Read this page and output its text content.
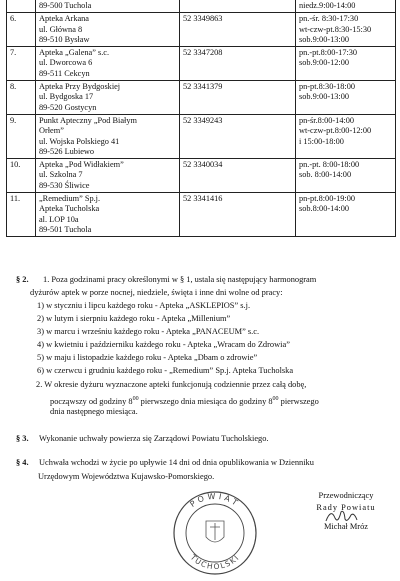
	89-500 Tuchola		niedz.9:00-14:00

6.	Apteka Arkana
ul. Główna 8
89-510 Bysław	52 3349863	pn.-śr. 8:30-17:30
wt-czw-pt.8:30-15:30
sob.9:00-13:00

7.	Apteka „Galena” s.c.
ul. Dworcowa 6
89-511 Cekcyn	52 3347208	pn.-pt.8:00-17:30
sob.9:00-12:00

8.	Apteka Przy Bydgoskiej
ul. Bydgoska 17
89-520 Gostycyn	52 3341379	pn-pt.8:30-18:00
sob.9:00-13:00

9.	Punkt Apteczny „Pod Białym
Orłem”
ul. Wojska Polskiego 41
89-526 Lubiewo	52 3349243	pn-śr.8:00-14:00
wt-czw-pt.8:00-12:00
i 15:00-18:00

10.	Apteka „Pod Widłakiem”
ul. Szkolna 7
89-530 Śliwice	52 3340034	pn.-pt. 8:00-18:00
sob. 8:00-14:00

11.	„Remedium” Sp.j.
Apteka Tucholska
al. LOP 10a
89-501 Tuchola	52 3341416	pn-pt.8:00-19:00
sob.8:00-14:00
§ 2. 1. Poza godzinami pracy określonymi w § 1, ustala się następujący harmonogram
dyżurów aptek w porze nocnej, niedziele, święta i inne dni wolne od pracy:
1) w styczniu i lipcu każdego roku - Apteka „ASKLEPIOS” s.j.
2) w lutym i sierpniu każdego roku - Apteka „Millenium”
3) w marcu i wrześniu każdego roku - Apteka „PANACEUM” s.c.
4) w kwietniu i październiku każdego roku - Apteka „Wracam do Zdrowia”
5) w maju i listopadzie każdego roku - Apteka „Dbam o zdrowie”
6) w czerwcu i grudniu każdego roku - „Remedium” Sp.j. Apteka Tucholska
2. W okresie dyżuru wyznaczone apteki funkcjonują codziennie przez całą dobę,
począwszy od godziny $8^{00}$ pierwszego dnia miesiąca do godziny $8^{00}$ pierwszego
dnia następnego miesiąca.
§ 3. Wykonanie uchwały powierza się Zarządowi Powiatu Tucholskiego.
§ 4. Uchwała wchodzi w życie po upływie 14 dni od dnia opublikowania w Dzienniku
Urzędowym Województwa Kujawsko-Pomorskiego.
POWIAT
TUCHOLSKI
Przewodniczący
Rady Powiatu
Michał Mróz
